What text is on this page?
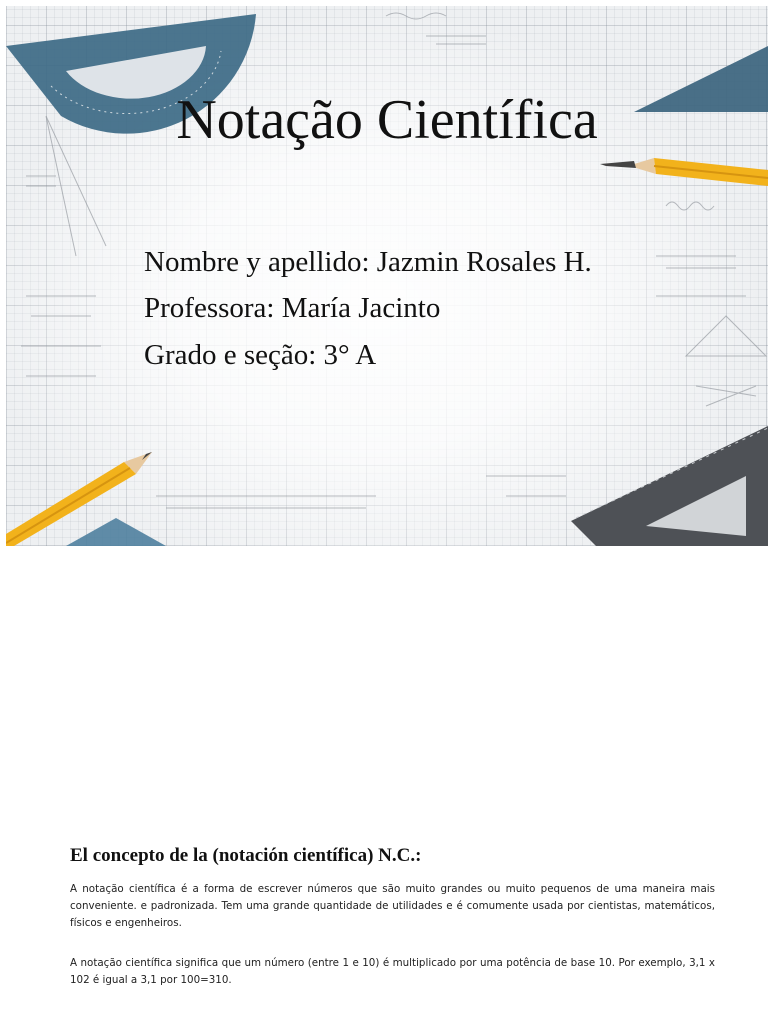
Notação Científica
Nombre y apellido: Jazmin Rosales H.
Professora: María Jacinto
Grado e seção: 3° A
El concepto de la (notación científica) N.C.:

A notação científica é a forma de escrever números que são muito grandes ou muito pequenos de uma maneira mais conveniente. e padronizada. Tem uma grande quantidade de utilidades e é comumente usada por cientistas, matemáticos, físicos e engenheiros.

A notação científica significa que um número (entre 1 e 10) é multiplicado por uma potência de base 10. Por exemplo, 3,1 x 102 é igual a 3,1 por 100=310.
